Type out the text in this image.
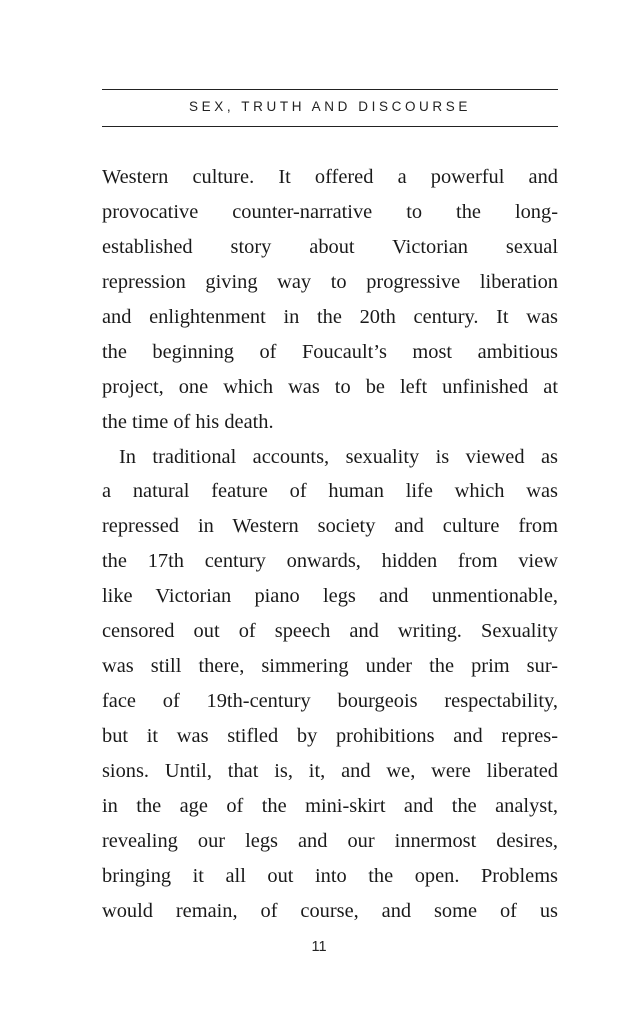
SEX, TRUTH AND DISCOURSE
Western culture. It offered a powerful and
provocative counter-narrative to the long-
established story about Victorian sexual
repression giving way to progressive liberation
and enlightenment in the 20th century. It was
the beginning of Foucault’s most ambitious
project, one which was to be left unfinished at
the time of his death.
In traditional accounts, sexuality is viewed as
a natural feature of human life which was
repressed in Western society and culture from
the 17th century onwards, hidden from view
like Victorian piano legs and unmentionable,
censored out of speech and writing. Sexuality
was still there, simmering under the prim sur-
face of 19th-century bourgeois respectability,
but it was stifled by prohibitions and repres-
sions. Until, that is, it, and we, were liberated
in the age of the mini-skirt and the analyst,
revealing our legs and our innermost desires,
bringing it all out into the open. Problems
would remain, of course, and some of us
11
